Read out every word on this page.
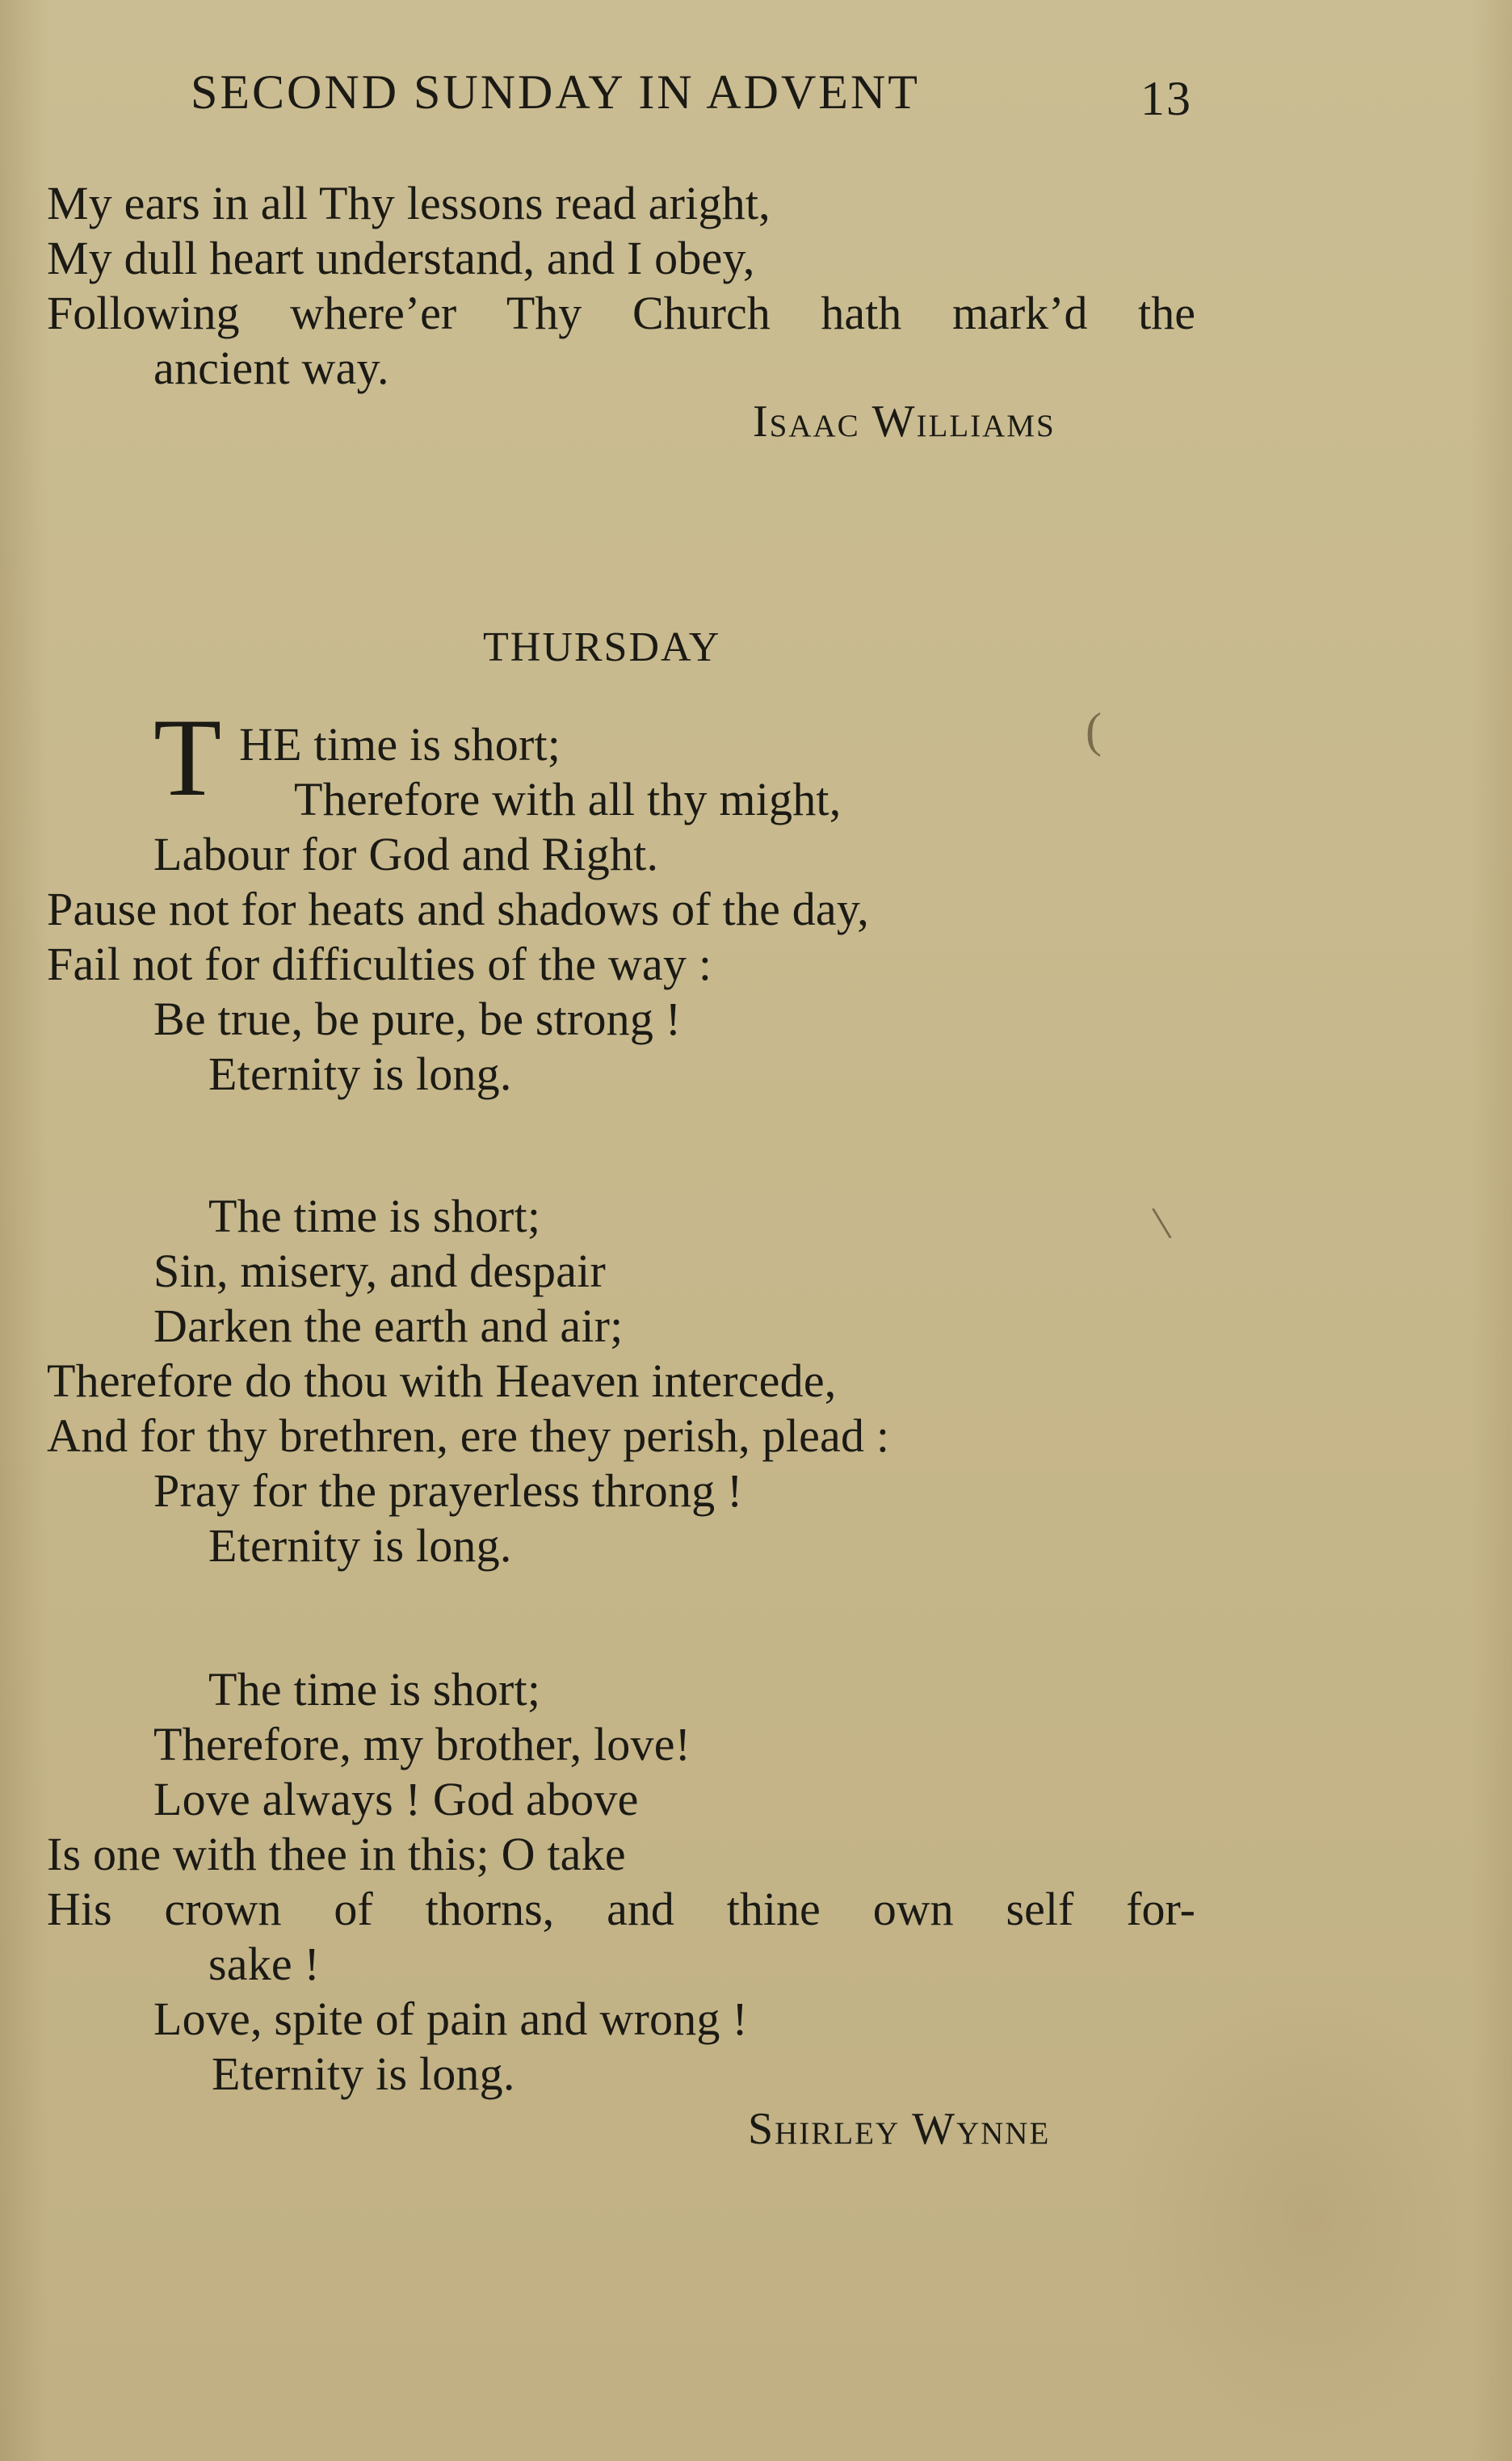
SECOND SUNDAY IN ADVENT	13
My ears in all Thy lessons read aright,
My dull heart understand, and I obey,
Following where’er Thy Church hath mark’d the
ancient way.
Isaac Williams
THURSDAY
T HE time is short;
Therefore with all thy might,
Labour for God and Right.
Pause not for heats and shadows of the day,
Fail not for difficulties of the way :
Be true, be pure, be strong !
Eternity is long.
The time is short;
Sin, misery, and despair
Darken the earth and air;
Therefore do thou with Heaven intercede,
And for thy brethren, ere they perish, plead :
Pray for the prayerless throng !
Eternity is long.
The time is short;
Therefore, my brother, love!
Love always ! God above
Is one with thee in this; O take
His crown of thorns, and thine own self for-
sake !
Love, spite of pain and wrong !
Eternity is long.
Shirley Wynne
(
\
